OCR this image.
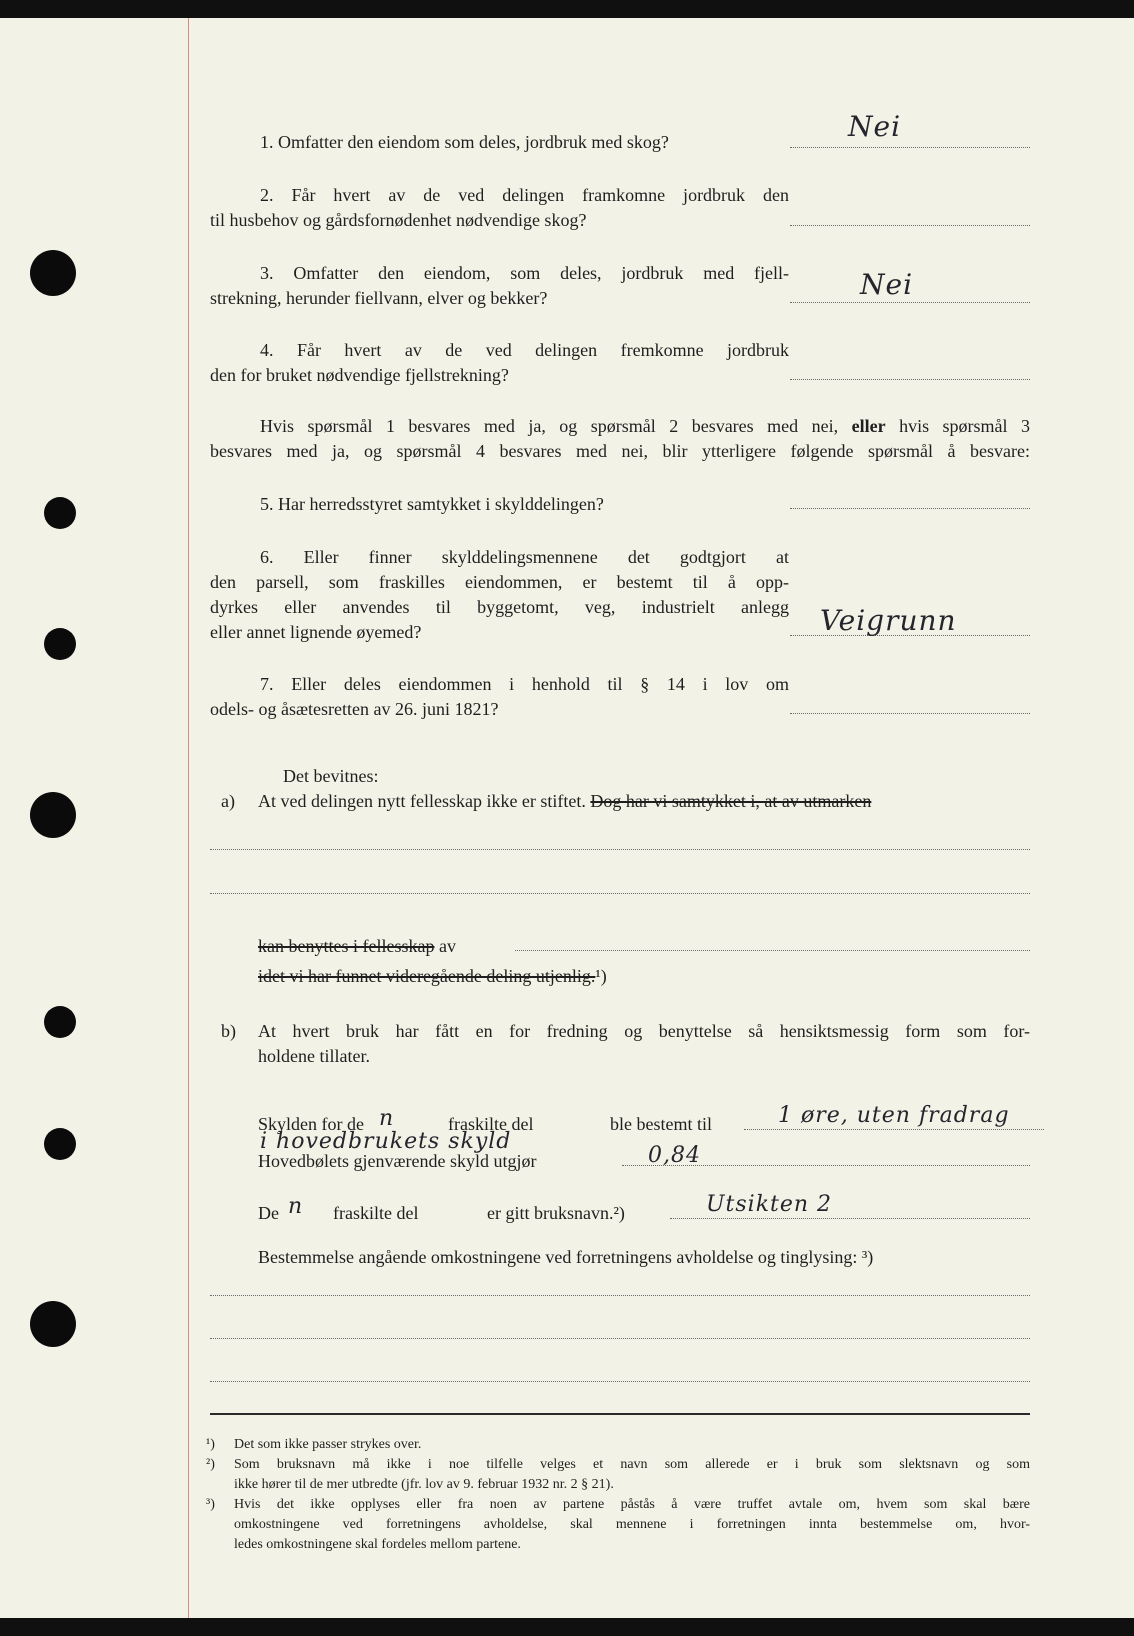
1. Omfatter den eiendom som deles, jordbruk med skog?	Nei
2. Får hvert av de ved delingen framkomne jordbruk den
til husbehov og gårdsfornødenhet nødvendige skog?
3. Omfatter den eiendom, som deles, jordbruk med fjell-
strekning, herunder fiellvann, elver og bekker?	Nei
4. Får hvert av de ved delingen fremkomne jordbruk
den for bruket nødvendige fjellstrekning?
Hvis spørsmål 1 besvares med ja, og spørsmål 2 besvares med nei, eller hvis spørsmål 3
besvares med ja, og spørsmål 4 besvares med nei, blir ytterligere følgende spørsmål å besvare:
5. Har herredsstyret samtykket i skylddelingen?
6. Eller finner skylddelingsmennene det godtgjort at
den parsell, som fraskilles eiendommen, er bestemt til å opp-
dyrkes eller anvendes til byggetomt, veg, industrielt anlegg
eller annet lignende øyemed?	Veigrunn
7. Eller deles eiendommen i henhold til § 14 i lov om
odels- og åsætesretten av 26. juni 1821?
Det bevitnes:
a) At ved delingen nytt fellesskap ikke er stiftet. Dog har vi samtykket i, at av utmarken
kan benyttes i fellesskap av
idet vi har funnet videregående deling utjenlig.¹)
b) At hvert bruk har fått en for fredning og benyttelse så hensiktsmessig form som for-
holdene tillater.
Skylden for de n	fraskilte del	ble bestemt til	1 øre, uten fradrag
i hovedbrukets skyld
Hovedbølets gjenværende skyld utgjør	0,84
De n fraskilte del	er gitt bruksnavn.²)	Utsikten 2
Bestemmelse angående omkostningene ved forretningens avholdelse og tinglysing: ³)
¹) Det som ikke passer strykes over.
²) Som bruksnavn må ikke i noe tilfelle velges et navn som allerede er i bruk som slektsnavn og som
ikke hører til de mer utbredte (jfr. lov av 9. februar 1932 nr. 2 § 21).
³) Hvis det ikke opplyses eller fra noen av partene påstås å være truffet avtale om, hvem som skal bære
omkostningene ved forretningens avholdelse, skal mennene i forretningen innta bestemmelse om, hvor-
ledes omkostningene skal fordeles mellom partene.
